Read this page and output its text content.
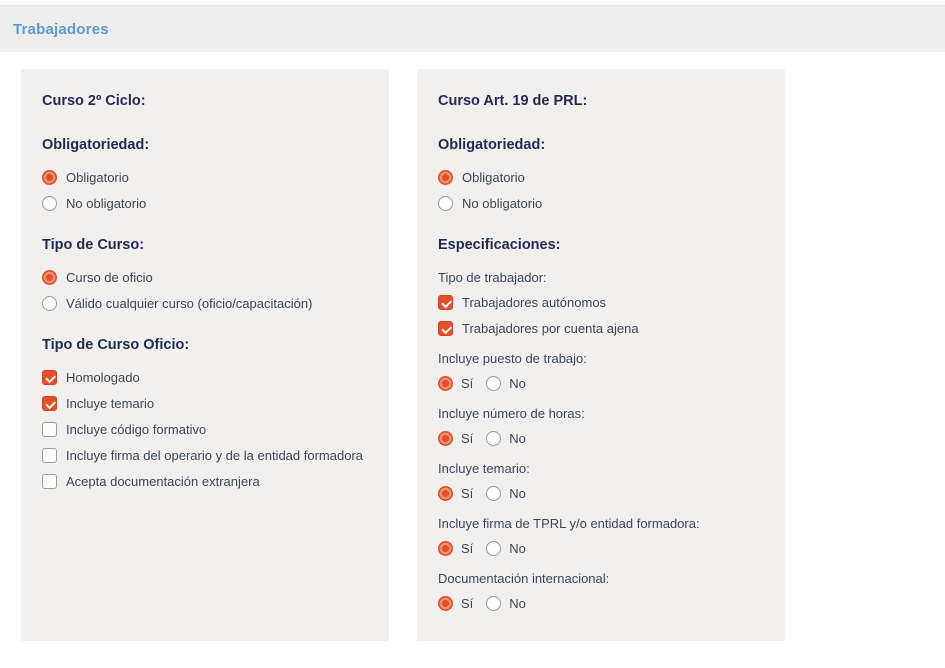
Trabajadores
Curso 2º Ciclo:
Obligatoriedad:
Obligatorio
No obligatorio
Tipo de Curso:
Curso de oficio
Válido cualquier curso (oficio/capacitación)
Tipo de Curso Oficio:
Homologado
Incluye temario
Incluye código formativo
Incluye firma del operario y de la entidad formadora
Acepta documentación extranjera
Curso Art. 19 de PRL:
Obligatoriedad:
Obligatorio
No obligatorio
Especificaciones:
Tipo de trabajador:
Trabajadores autónomos
Trabajadores por cuenta ajena
Incluye puesto de trabajo:
Sí	No
Incluye número de horas:
Sí	No
Incluye temario:
Sí	No
Incluye firma de TPRL y/o entidad formadora:
Sí	No
Documentación internacional:
Sí	No
